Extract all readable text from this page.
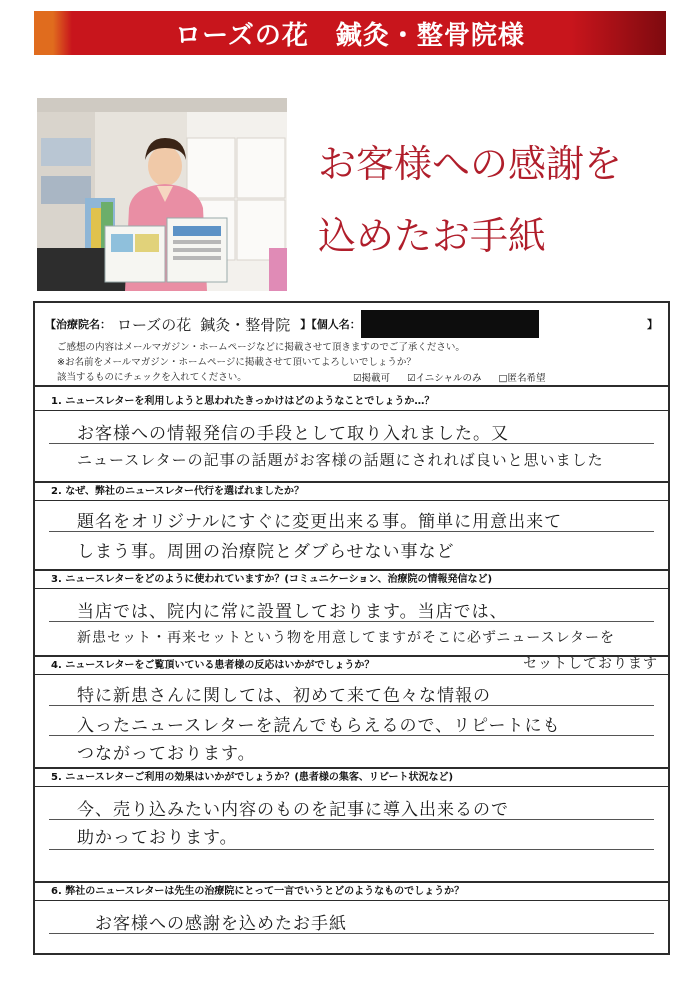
ローズの花　鍼灸・整骨院様
お客様への感謝を
込めたお手紙
【治療院名： ローズの花 鍼灸・整骨院 】【個人名：	】
ご感想の内容はメールマガジン・ホームページなどに掲載させて頂きますのでご了承ください。
※お名前をメールマガジン・ホームページに掲載させて頂いてよろしいでしょうか？
該当するものにチェックを入れてください。	☑掲載可 ☑イニシャルのみ □匿名希望
1. ニュースレターを利用しようと思われたきっかけはどのようなことでしょうか…？
お客様への情報発信の手段として取り入れました。又
ニュースレターの記事の話題がお客様の話題にされれば良いと思いました
2. なぜ、弊社のニュースレター代行を選ばれましたか？
題名をオリジナルにすぐに変更出来る事。簡単に用意出来て
しまう事。周囲の治療院とダブらせない事など
3. ニュースレターをどのように使われていますか？(コミュニケーション、治療院の情報発信など)
当店では、院内に常に設置しております。当店では、
新患セット・再来セットという物を用意してますがそこに必ずニュースレターを
4. ニュースレターをご覧頂いている患者様の反応はいかがでしょうか？	セットしております
特に新患さんに関しては、初めて来て色々な情報の
入ったニュースレターを読んでもらえるので、リピートにも
つながっております。
5. ニュースレターご利用の効果はいかがでしょうか？(患者様の集客、リピート状況など)
今、売り込みたい内容のものを記事に導入出来るので
助かっております。
6. 弊社のニュースレターは先生の治療院にとって一言でいうとどのようなものでしょうか？
お客様への感謝を込めたお手紙
